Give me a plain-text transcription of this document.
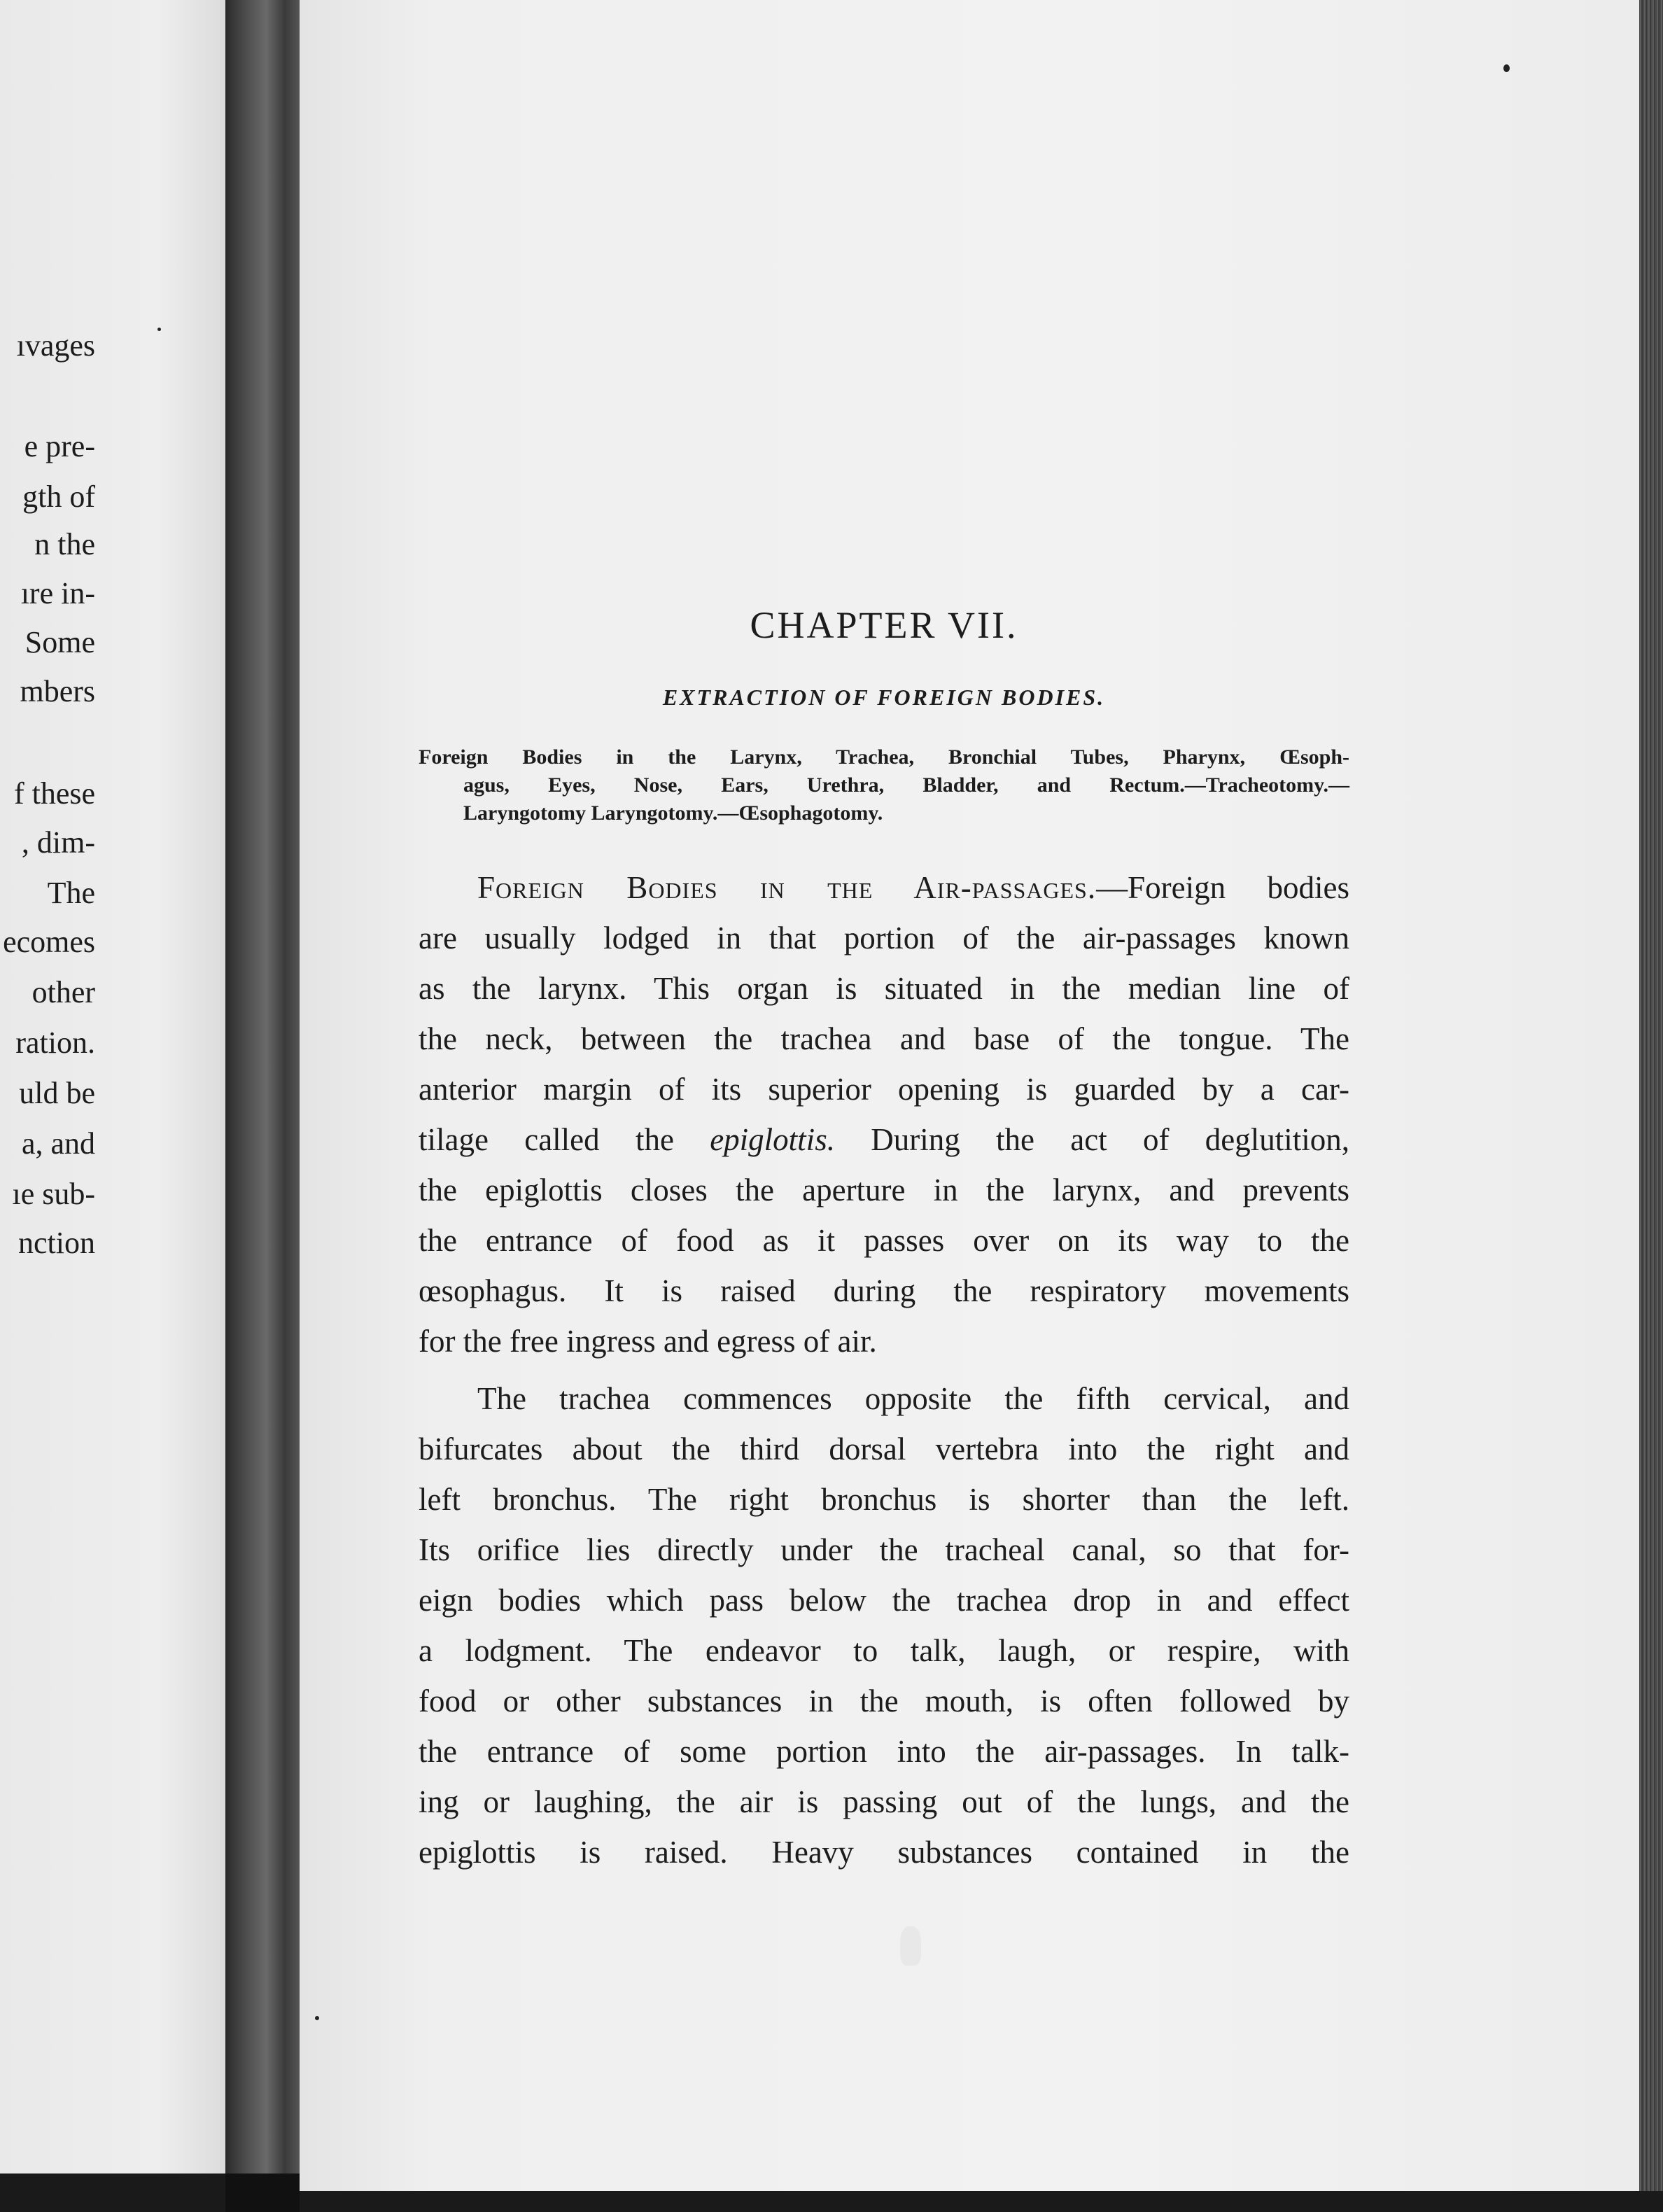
ıvages
e pre-
gth of
n the
ıre in-
Some
mbers
f these
, dim-
The
ecomes
other
ration.
uld be
a, and
ıe sub-
nction
CHAPTER VII.
EXTRACTION OF FOREIGN BODIES.

Foreign Bodies in the Larynx, Trachea, Bronchial Tubes, Pharynx, Œsoph-
agus, Eyes, Nose, Ears, Urethra, Bladder, and Rectum.—Tracheotomy.—
Laryngotomy Laryngotomy.—Œsophagotomy.

Foreign Bodies in the Air-passages.—Foreign bodies
are usually lodged in that portion of the air-passages known
as the larynx. This organ is situated in the median line of
the neck, between the trachea and base of the tongue. The
anterior margin of its superior opening is guarded by a car-
tilage called the epiglottis. During the act of deglutition,
the epiglottis closes the aperture in the larynx, and prevents
the entrance of food as it passes over on its way to the
œsophagus. It is raised during the respiratory movements
for the free ingress and egress of air.
The trachea commences opposite the fifth cervical, and
bifurcates about the third dorsal vertebra into the right and
left bronchus. The right bronchus is shorter than the left.
Its orifice lies directly under the tracheal canal, so that for-
eign bodies which pass below the trachea drop in and effect
a lodgment. The endeavor to talk, laugh, or respire, with
food or other substances in the mouth, is often followed by
the entrance of some portion into the air-passages. In talk-
ing or laughing, the air is passing out of the lungs, and the
epiglottis is raised. Heavy substances contained in the
